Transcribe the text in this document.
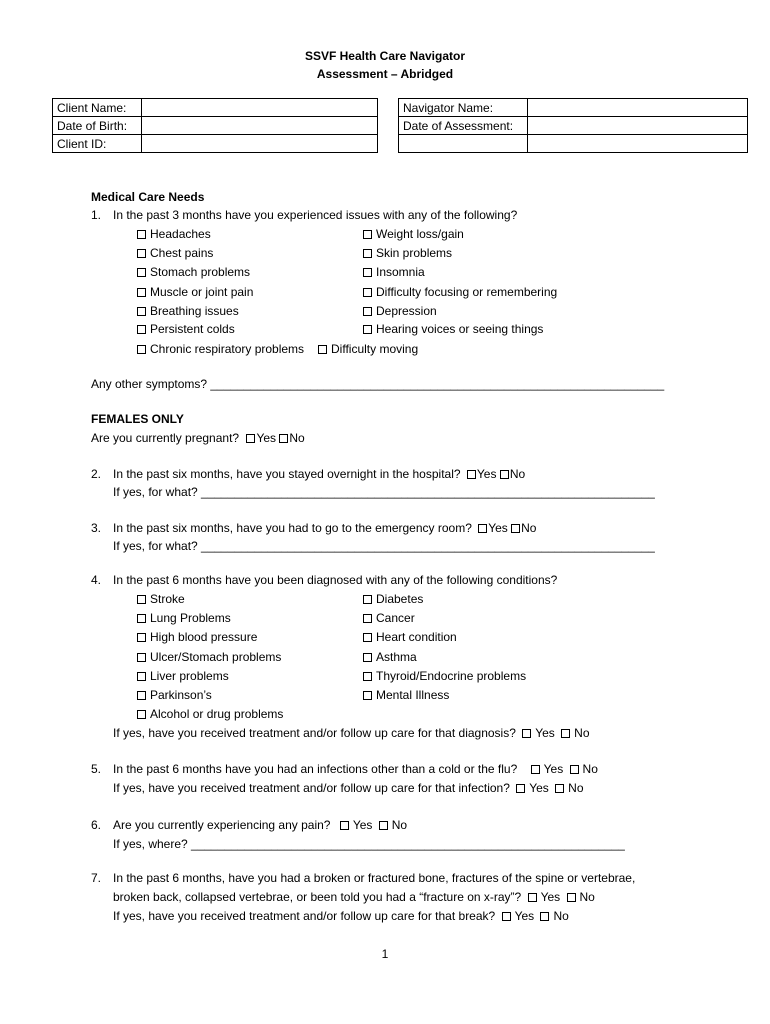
SSVF Health Care Navigator
Assessment – Abridged
Client Name:	
Date of Birth:	
Client ID:	
Navigator Name:	
Date of Assessment:	

Medical Care Needs
1. In the past 3 months have you experienced issues with any of the following?
Headaches
Chest pains
Stomach problems
Muscle or joint pain
Breathing issues
Persistent colds
Chronic respiratory problems
Weight loss/gain
Skin problems
Insomnia
Difficulty focusing or remembering
Depression
Hearing voices or seeing things
Difficulty moving
Any other symptoms? ____________________________________________________________________
FEMALES ONLY
Are you currently pregnant? Yes No
2. In the past six months, have you stayed overnight in the hospital? Yes No
If yes, for what? ____________________________________________________________________
3. In the past six months, have you had to go to the emergency room? Yes No
If yes, for what? ____________________________________________________________________
4. In the past 6 months have you been diagnosed with any of the following conditions?
Stroke
Lung Problems
High blood pressure
Ulcer/Stomach problems
Liver problems
Parkinson’s
Alcohol or drug problems
Diabetes
Cancer
Heart condition
Asthma
Thyroid/Endocrine problems
Mental Illness
If yes, have you received treatment and/or follow up care for that diagnosis? Yes No
5. In the past 6 months have you had an infections other than a cold or the flu? Yes No
If yes, have you received treatment and/or follow up care for that infection? Yes No
6. Are you currently experiencing any pain? Yes No
If yes, where? _________________________________________________________________
7. In the past 6 months, have you had a broken or fractured bone, fractures of the spine or vertebrae,
broken back, collapsed vertebrae, or been told you had a “fracture on x-ray”? Yes No
If yes, have you received treatment and/or follow up care for that break? Yes No
1
